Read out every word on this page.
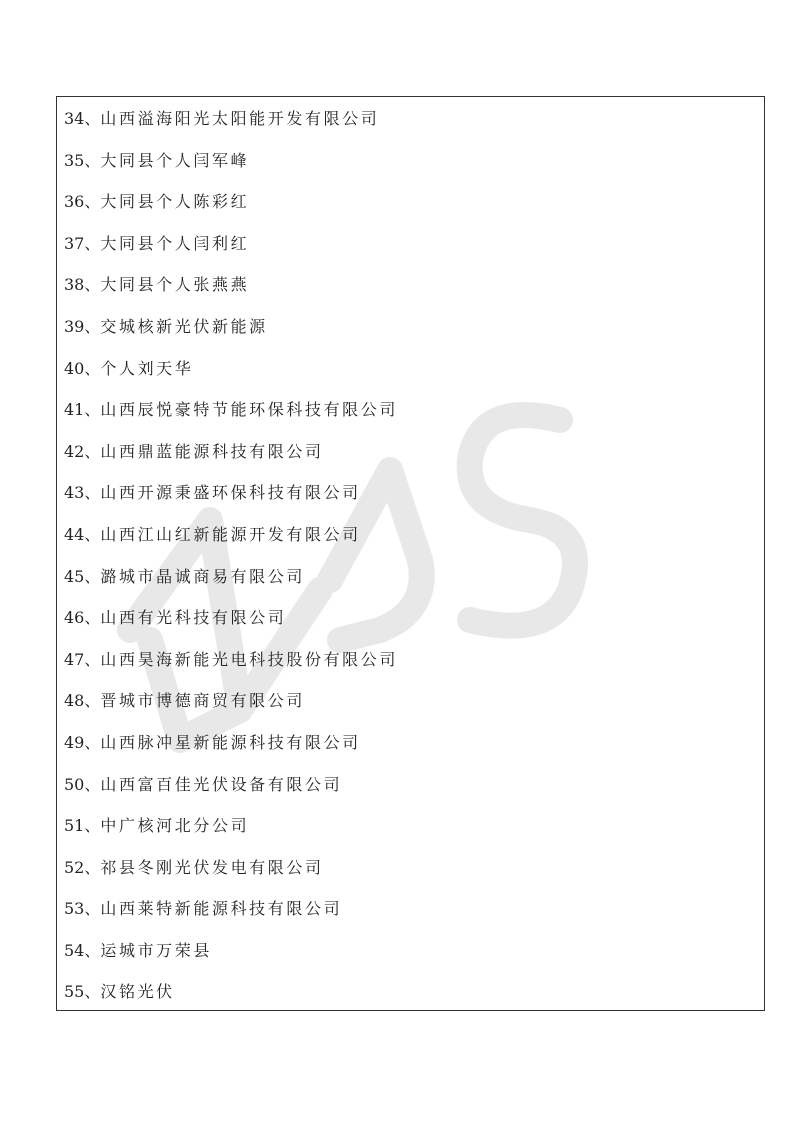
34、山西溢海阳光太阳能开发有限公司
35、大同县个人闫军峰
36、大同县个人陈彩红
37、大同县个人闫利红
38、大同县个人张燕燕
39、交城核新光伏新能源
40、个人刘天华
41、山西辰悦豪特节能环保科技有限公司
42、山西鼎蓝能源科技有限公司
43、山西开源秉盛环保科技有限公司
44、山西江山红新能源开发有限公司
45、潞城市晶诚商易有限公司
46、山西有光科技有限公司
47、山西昊海新能光电科技股份有限公司
48、晋城市博德商贸有限公司
49、山西脉冲星新能源科技有限公司
50、山西富百佳光伏设备有限公司
51、中广核河北分公司
52、祁县冬刚光伏发电有限公司
53、山西莱特新能源科技有限公司
54、运城市万荣县
55、汉铭光伏
